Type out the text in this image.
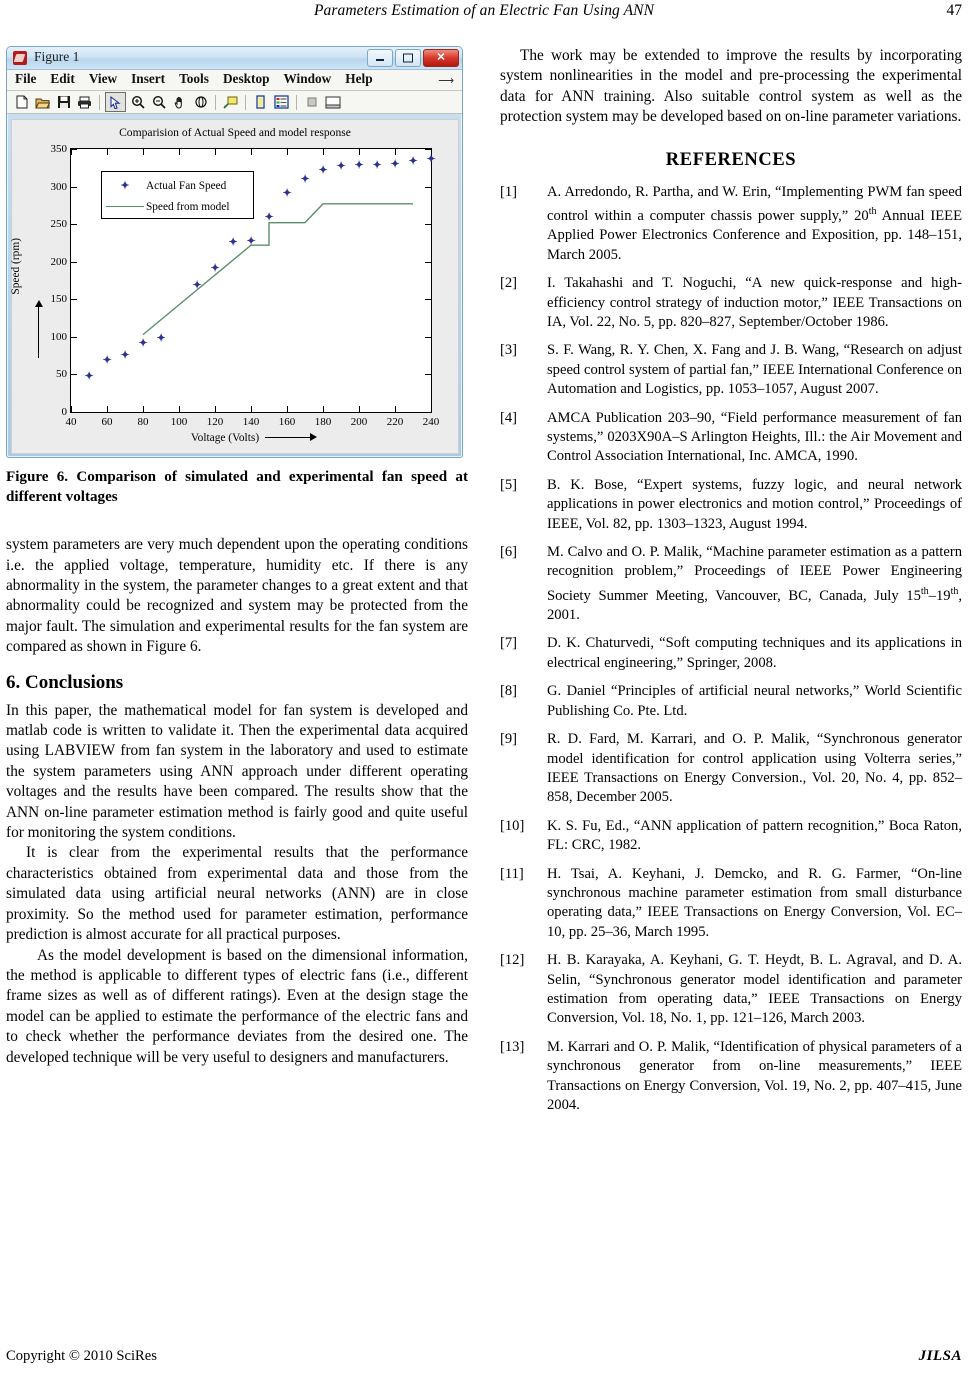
Parameters Estimation of an Electric Fan Using ANN	47
Figure 1	✕
File Edit View Insert Tools Desktop Window Help	⟶
Comparision of Actual Speed and model response
Speed (rpm)
0
50
100
150
200
250
300
350
40 60 80 100 120 140 160 180 200 220 240
✦
✦
✦
✦
✦
✦
✦
✦
✦
✦
✦
✦
✦
✦
✦
✦
✦
✦
✦
✦	Actual Fan Speed
Speed from model
Voltage (Volts)
Figure 6. Comparison of simulated and experimental fan speed at different voltages

system parameters are very much dependent upon the operating conditions i.e. the applied voltage, temperature, humidity etc. If there is any abnormality in the system, the parameter changes to a great extent and that abnormality could be recognized and system may be protected from the major fault. The simulation and experimental results for the fan system are compared as shown in Figure 6.

6. Conclusions

In this paper, the mathematical model for fan system is developed and matlab code is written to validate it. Then the experimental data acquired using LABVIEW from fan system in the laboratory and used to estimate the system parameters using ANN approach under different operating voltages and the results have been compared. The results show that the ANN on-line parameter estimation method is fairly good and quite useful for monitoring the system conditions.

It is clear from the experimental results that the performance characteristics obtained from experimental data and those from the simulated data using artificial neural networks (ANN) are in close proximity. So the method used for parameter estimation, performance prediction is almost accurate for all practical purposes.

As the model development is based on the dimensional information, the method is applicable to different types of electric fans (i.e., different frame sizes as well as of different ratings). Even at the design stage the model can be applied to estimate the performance of the electric fans and to check whether the performance deviates from the desired one. The developed technique will be very useful to designers and manufacturers.

The work may be extended to improve the results by incorporating system nonlinearities in the model and pre-processing the experimental data for ANN training. Also suitable control system as well as the protection system may be developed based on on-line parameter variations.

REFERENCES
[1]	A. Arredondo, R. Partha, and W. Erin, “Implementing PWM fan speed control within a computer chassis power supply,” 20th Annual IEEE Applied Power Electronics Conference and Exposition, pp. 148–151, March 2005.
[2]	I. Takahashi and T. Noguchi, “A new quick-response and high-efficiency control strategy of induction motor,” IEEE Transactions on IA, Vol. 22, No. 5, pp. 820–827, September/October 1986.
[3]	S. F. Wang, R. Y. Chen, X. Fang and J. B. Wang, “Research on adjust speed control system of partial fan,” IEEE International Conference on Automation and Logistics, pp. 1053–1057, August 2007.
[4]	AMCA Publication 203–90, “Field performance measurement of fan systems,” 0203X90A–S Arlington Heights, Ill.: the Air Movement and Control Association International, Inc. AMCA, 1990.
[5]	B. K. Bose, “Expert systems, fuzzy logic, and neural network applications in power electronics and motion control,” Proceedings of IEEE, Vol. 82, pp. 1303–1323, August 1994.
[6]	M. Calvo and O. P. Malik, “Machine parameter estimation as a pattern recognition problem,” Proceedings of IEEE Power Engineering Society Summer Meeting, Vancouver, BC, Canada, July 15th–19th, 2001.
[7]	D. K. Chaturvedi, “Soft computing techniques and its applications in electrical engineering,” Springer, 2008.
[8]	G. Daniel “Principles of artificial neural networks,” World Scientific Publishing Co. Pte. Ltd.
[9]	R. D. Fard, M. Karrari, and O. P. Malik, “Synchronous generator model identification for control application using Volterra series,” IEEE Transactions on Energy Conversion., Vol. 20, No. 4, pp. 852–858, December 2005.
[10]	K. S. Fu, Ed., “ANN application of pattern recognition,” Boca Raton, FL: CRC, 1982.
[11]	H. Tsai, A. Keyhani, J. Demcko, and R. G. Farmer, “On-line synchronous machine parameter estimation from small disturbance operating data,” IEEE Transactions on Energy Conversion, Vol. EC–10, pp. 25–36, March 1995.
[12]	H. B. Karayaka, A. Keyhani, G. T. Heydt, B. L. Agraval, and D. A. Selin, “Synchronous generator model identification and parameter estimation from operating data,” IEEE Transactions on Energy Conversion, Vol. 18, No. 1, pp. 121–126, March 2003.
[13]	M. Karrari and O. P. Malik, “Identification of physical parameters of a synchronous generator from on-line measurements,” IEEE Transactions on Energy Conversion, Vol. 19, No. 2, pp. 407–415, June 2004.
Copyright © 2010 SciRes	JILSA
